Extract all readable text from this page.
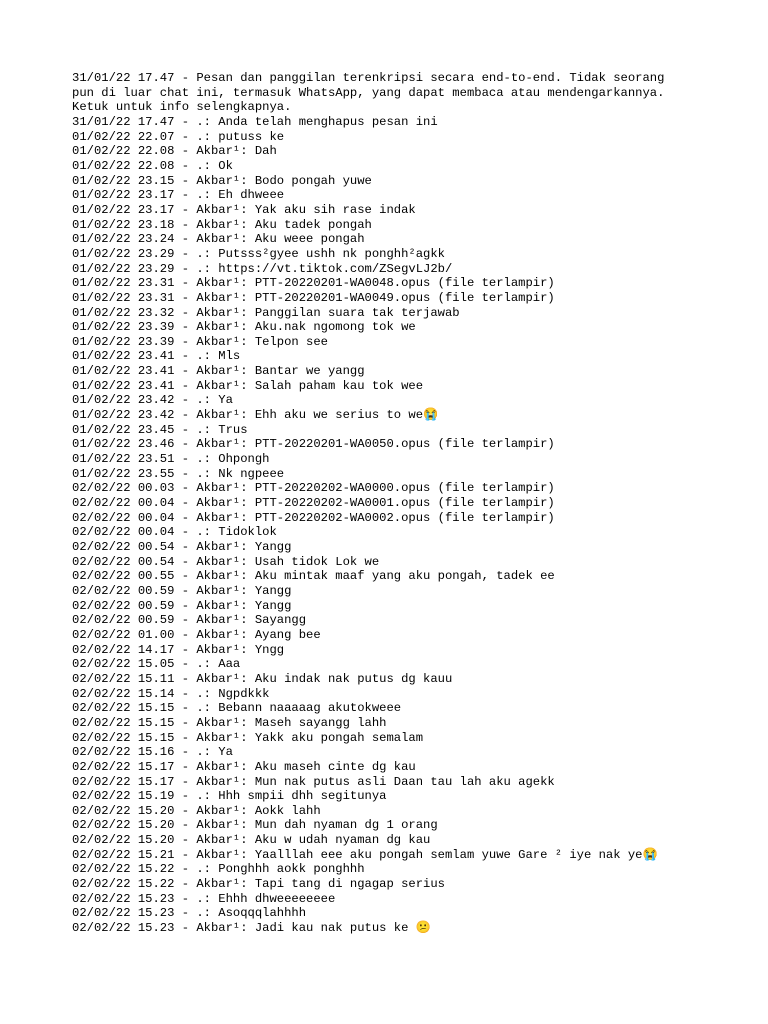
31/01/22 17.47 - Pesan dan panggilan terenkripsi secara end-to-end. Tidak seorang

pun di luar chat ini, termasuk WhatsApp, yang dapat membaca atau mendengarkannya.

Ketuk untuk info selengkapnya.

31/01/22 17.47 - .: Anda telah menghapus pesan ini

01/02/22 22.07 - .: putuss ke

01/02/22 22.08 - Akbar¹: Dah

01/02/22 22.08 - .: Ok

01/02/22 23.15 - Akbar¹: Bodo pongah yuwe

01/02/22 23.17 - .: Eh dhweee

01/02/22 23.17 - Akbar¹: Yak aku sih rase indak

01/02/22 23.18 - Akbar¹: Aku tadek pongah

01/02/22 23.24 - Akbar¹: Aku weee pongah

01/02/22 23.29 - .: Putsss²gyee ushh nk ponghh²agkk

01/02/22 23.29 - .: https://vt.tiktok.com/ZSegvLJ2b/

01/02/22 23.31 - Akbar¹: PTT-20220201-WA0048.opus (file terlampir)

01/02/22 23.31 - Akbar¹: PTT-20220201-WA0049.opus (file terlampir)

01/02/22 23.32 - Akbar¹: Panggilan suara tak terjawab

01/02/22 23.39 - Akbar¹: Aku.nak ngomong tok we

01/02/22 23.39 - Akbar¹: Telpon see

01/02/22 23.41 - .: Mls

01/02/22 23.41 - Akbar¹: Bantar we yangg

01/02/22 23.41 - Akbar¹: Salah paham kau tok wee

01/02/22 23.42 - .: Ya

01/02/22 23.42 - Akbar¹: Ehh aku we serius to we😭

01/02/22 23.45 - .: Trus

01/02/22 23.46 - Akbar¹: PTT-20220201-WA0050.opus (file terlampir)

01/02/22 23.51 - .: Ohpongh

01/02/22 23.55 - .: Nk ngpeee

02/02/22 00.03 - Akbar¹: PTT-20220202-WA0000.opus (file terlampir)

02/02/22 00.04 - Akbar¹: PTT-20220202-WA0001.opus (file terlampir)

02/02/22 00.04 - Akbar¹: PTT-20220202-WA0002.opus (file terlampir)

02/02/22 00.04 - .: Tidoklok

02/02/22 00.54 - Akbar¹: Yangg

02/02/22 00.54 - Akbar¹: Usah tidok Lok we

02/02/22 00.55 - Akbar¹: Aku mintak maaf yang aku pongah, tadek ee

02/02/22 00.59 - Akbar¹: Yangg

02/02/22 00.59 - Akbar¹: Yangg

02/02/22 00.59 - Akbar¹: Sayangg

02/02/22 01.00 - Akbar¹: Ayang bee

02/02/22 14.17 - Akbar¹: Yngg

02/02/22 15.05 - .: Aaa

02/02/22 15.11 - Akbar¹: Aku indak nak putus dg kauu

02/02/22 15.14 - .: Ngpdkkk

02/02/22 15.15 - .: Bebann naaaaag akutokweee

02/02/22 15.15 - Akbar¹: Maseh sayangg lahh

02/02/22 15.15 - Akbar¹: Yakk aku pongah semalam

02/02/22 15.16 - .: Ya

02/02/22 15.17 - Akbar¹: Aku maseh cinte dg kau

02/02/22 15.17 - Akbar¹: Mun nak putus asli Daan tau lah aku agekk

02/02/22 15.19 - .: Hhh smpii dhh segitunya

02/02/22 15.20 - Akbar¹: Aokk lahh

02/02/22 15.20 - Akbar¹: Mun dah nyaman dg 1 orang

02/02/22 15.20 - Akbar¹: Aku w udah nyaman dg kau

02/02/22 15.21 - Akbar¹: Yaalllah eee aku pongah semlam yuwe Gare ² iye nak ye😭

02/02/22 15.22 - .: Ponghhh aokk ponghhh

02/02/22 15.22 - Akbar¹: Tapi tang di ngagap serius

02/02/22 15.23 - .: Ehhh dhweeeeeeee

02/02/22 15.23 - .: Asoqqqlahhhh

02/02/22 15.23 - Akbar¹: Jadi kau nak putus ke 😕
